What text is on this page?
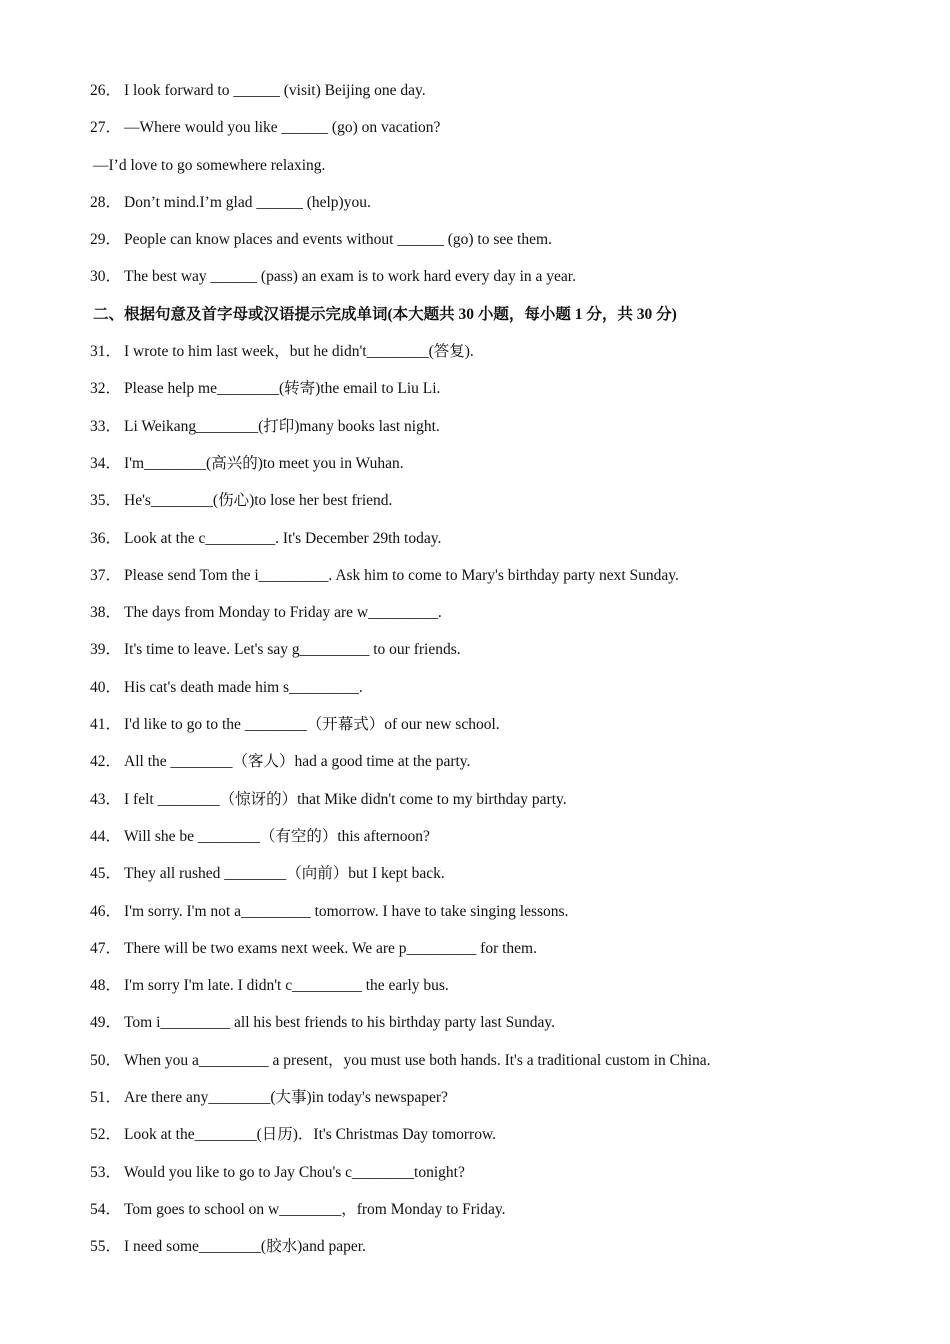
26． I look forward to ______ (visit) Beijing one day.
27． —Where would you like ______ (go) on vacation?
—I’d love to go somewhere relaxing.
28． Don’t mind.I’m glad ______ (help)you.
29． People can know places and events without ______ (go) to see them.
30． The best way ______ (pass) an exam is to work hard every day in a year.
二、根据句意及首字母或汉语提示完成单词(本大题共 30 小题，每小题 1 分，共 30 分)
31． I wrote to him last week，but he didn't________(答复).
32． Please help me________(转寄)the email to Liu Li.
33． Li Weikang________(打印)many books last night.
34． I'm________(高兴的)to meet you in Wuhan.
35． He's________(伤心)to lose her best friend.
36． Look at the c_________. It's December 29th today.
37． Please send Tom the i_________. Ask him to come to Mary's birthday party next Sunday.
38． The days from Monday to Friday are w_________.
39． It's time to leave. Let's say g_________ to our friends.
40． His cat's death made him s_________.
41． I'd like to go to the ________（开幕式）of our new school.
42． All the ________（客人）had a good time at the party.
43． I felt ________（惊讶的）that Mike didn't come to my birthday party.
44． Will she be ________（有空的）this afternoon?
45． They all rushed ________（向前）but I kept back.
46． I'm sorry. I'm not a_________ tomorrow. I have to take singing lessons.
47． There will be two exams next week. We are p_________ for them.
48． I'm sorry I'm late. I didn't c_________ the early bus.
49． Tom i_________ all his best friends to his birthday party last Sunday.
50． When you a_________ a present，you must use both hands. It's a traditional custom in China.
51． Are there any________(大事)in today's newspaper?
52． Look at the________(日历)．It's Christmas Day tomorrow.
53． Would you like to go to Jay Chou's c________tonight?
54． Tom goes to school on w________，from Monday to Friday.
55． I need some________(胶水)and paper.
